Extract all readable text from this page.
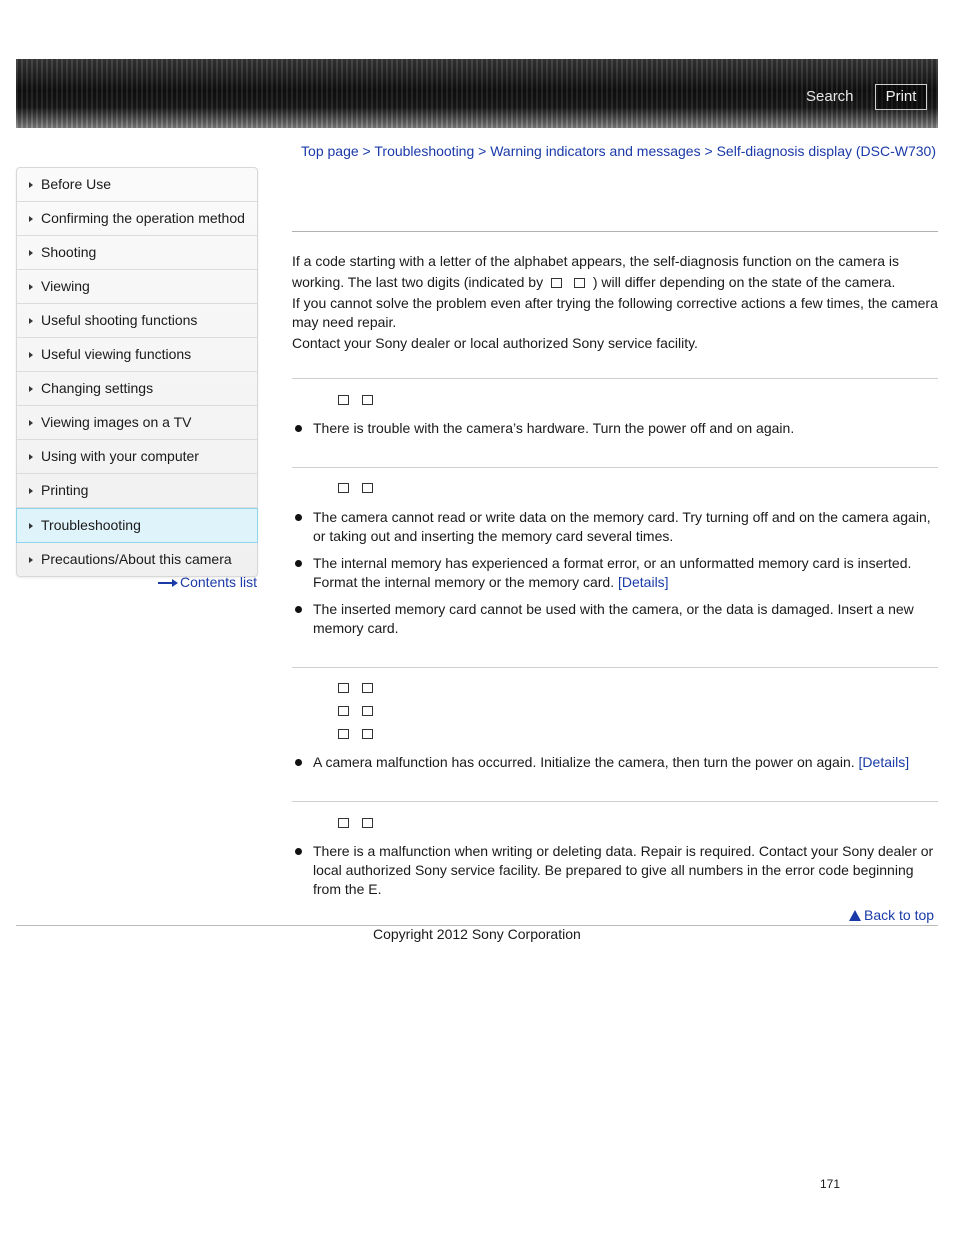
Search	Print
Top page > Troubleshooting > Warning indicators and messages > Self-diagnosis display (DSC-W730)
Before Use
Confirming the operation method
Shooting
Viewing
Useful shooting functions
Useful viewing functions
Changing settings
Viewing images on a TV
Using with your computer
Printing
Troubleshooting
Precautions/About this camera
Contents list

If a code starting with a letter of the alphabet appears, the self-diagnosis function on the camera is

working. The last two digits (indicated by	) will differ depending on the state of the camera.

If you cannot solve the problem even after trying the following corrective actions a few times, the camera may need repair.

Contact your Sony dealer or local authorized Sony service facility.

There is trouble with the camera’s hardware. Turn the power off and on again.
The camera cannot read or write data on the memory card. Try turning off and on the camera again, or taking out and inserting the memory card several times.
The internal memory has experienced a format error, or an unformatted memory card is inserted. Format the internal memory or the memory card. [Details]
The inserted memory card cannot be used with the camera, or the data is damaged. Insert a new memory card.
A camera malfunction has occurred. Initialize the camera, then turn the power on again. [Details]
There is a malfunction when writing or deleting data. Repair is required. Contact your Sony dealer or local authorized Sony service facility. Be prepared to give all numbers in the error code beginning from the E.
Back to top
Copyright 2012 Sony Corporation
171
